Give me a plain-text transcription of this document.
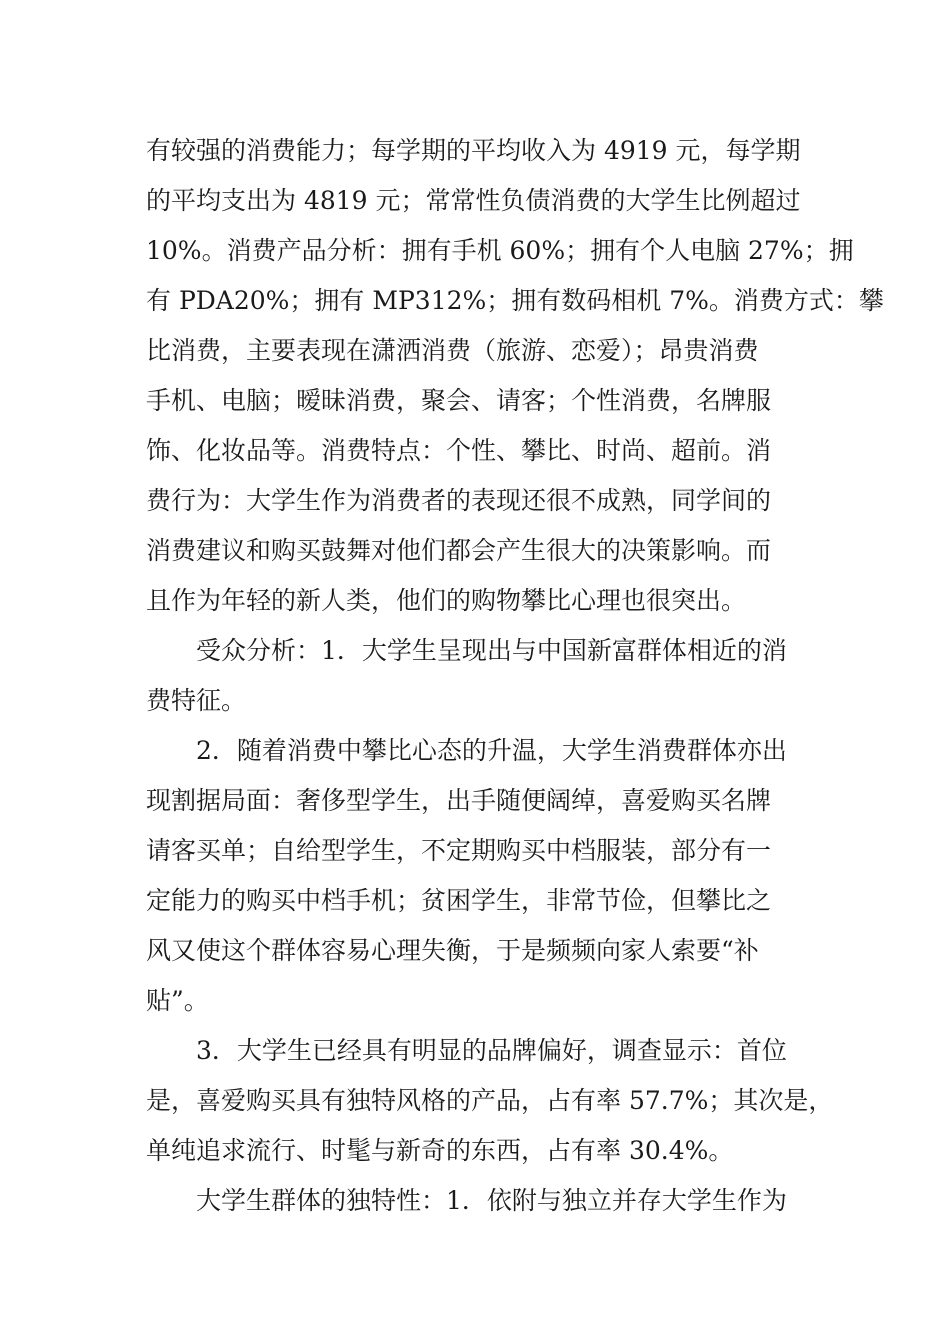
有较强的消费能力；每学期的平均收入为 4919 元，每学期
的平均支出为 4819 元；常常性负债消费的大学生比例超过
10%。消费产品分析：拥有手机 60%；拥有个人电脑 27%；拥
有 PDA20%；拥有 MP312%；拥有数码相机 7%。消费方式：攀
比消费，主要表现在潇洒消费（旅游、恋爱）；昂贵消费
手机、电脑；暧昧消费，聚会、请客；个性消费，名牌服
饰、化妆品等。消费特点：个性、攀比、时尚、超前。消
费行为：大学生作为消费者的表现还很不成熟，同学间的
消费建议和购买鼓舞对他们都会产生很大的决策影响。而
且作为年轻的新人类，他们的购物攀比心理也很突出。
受众分析：1．大学生呈现出与中国新富群体相近的消
费特征。
2．随着消费中攀比心态的升温，大学生消费群体亦出
现割据局面：奢侈型学生，出手随便阔绰，喜爱购买名牌
请客买单；自给型学生，不定期购买中档服装，部分有一
定能力的购买中档手机；贫困学生，非常节俭，但攀比之
风又使这个群体容易心理失衡，于是频频向家人索要“补
贴”。
3．大学生已经具有明显的品牌偏好，调查显示：首位
是，喜爱购买具有独特风格的产品，占有率 57.7%；其次是，
单纯追求流行、时髦与新奇的东西，占有率 30.4%。
大学生群体的独特性：1．依附与独立并存大学生作为
